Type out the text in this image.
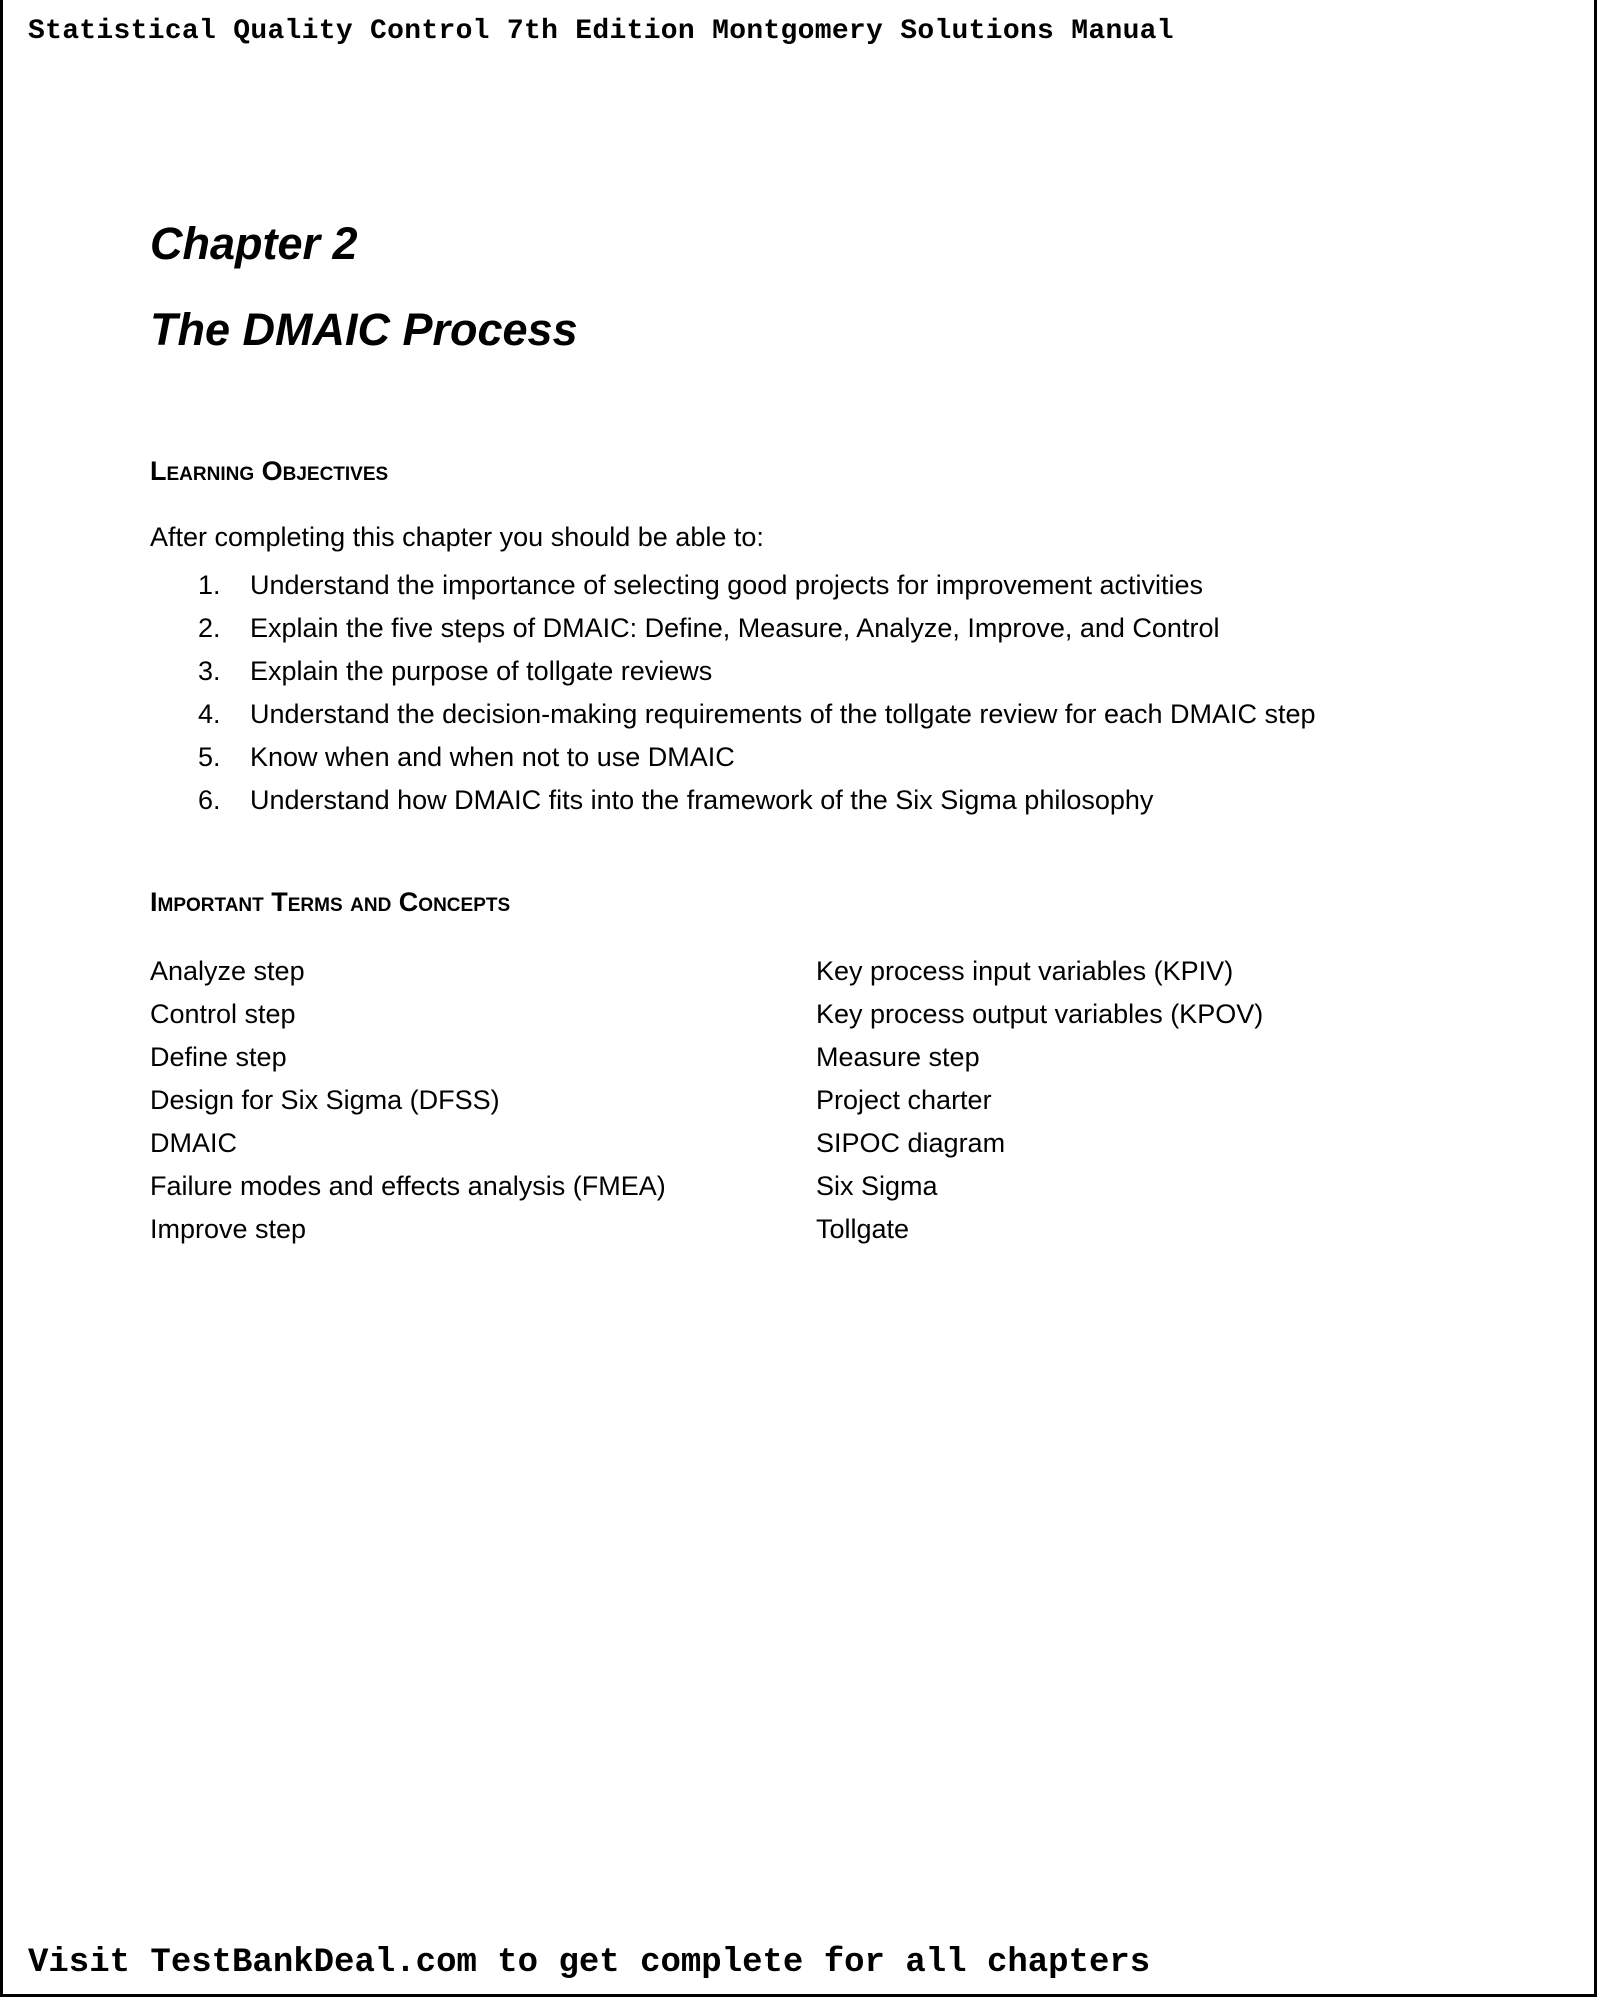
Statistical Quality Control 7th Edition Montgomery Solutions Manual
Chapter 2
The DMAIC Process
Learning Objectives
After completing this chapter you should be able to:
1. Understand the importance of selecting good projects for improvement activities
2. Explain the five steps of DMAIC: Define, Measure, Analyze, Improve, and Control
3. Explain the purpose of tollgate reviews
4. Understand the decision-making requirements of the tollgate review for each DMAIC step
5. Know when and when not to use DMAIC
6. Understand how DMAIC fits into the framework of the Six Sigma philosophy
Important Terms and Concepts
Analyze step
Control step
Define step
Design for Six Sigma (DFSS)
DMAIC
Failure modes and effects analysis (FMEA)
Improve step
Key process input variables (KPIV)
Key process output variables (KPOV)
Measure step
Project charter
SIPOC diagram
Six Sigma
Tollgate
Visit TestBankDeal.com to get complete for all chapters
